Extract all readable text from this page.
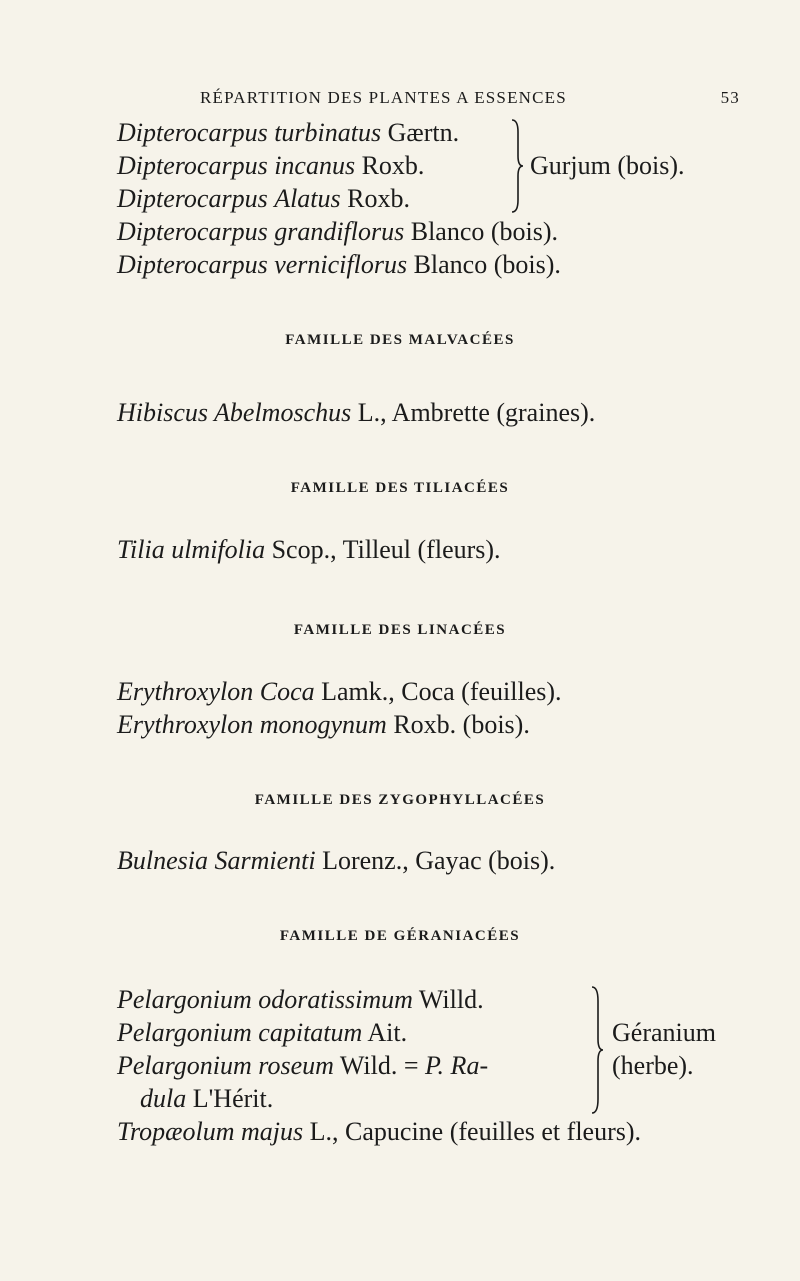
RÉPARTITION DES PLANTES A ESSENCES	53
Dipterocarpus turbinatus Gærtn.
Dipterocarpus incanus Roxb.
Dipterocarpus Alatus Roxb.
Gurjum (bois).
Dipterocarpus grandiflorus Blanco (bois).
Dipterocarpus verniciflorus Blanco (bois).
FAMILLE DES MALVACÉES
Hibiscus Abelmoschus L., Ambrette (graines).
FAMILLE DES TILIACÉES
Tilia ulmifolia Scop., Tilleul (fleurs).
FAMILLE DES LINACÉES
Erythroxylon Coca Lamk., Coca (feuilles).
Erythroxylon monogynum Roxb. (bois).
FAMILLE DES ZYGOPHYLLACÉES
Bulnesia Sarmienti Lorenz., Gayac (bois).
FAMILLE DE GÉRANIACÉES
Pelargonium odoratissimum Willd.
Pelargonium capitatum Ait.
Pelargonium roseum Wild. = P. Ra-
dula L'Hérit.
Géranium
(herbe).
Tropæolum majus L., Capucine (feuilles et fleurs).
